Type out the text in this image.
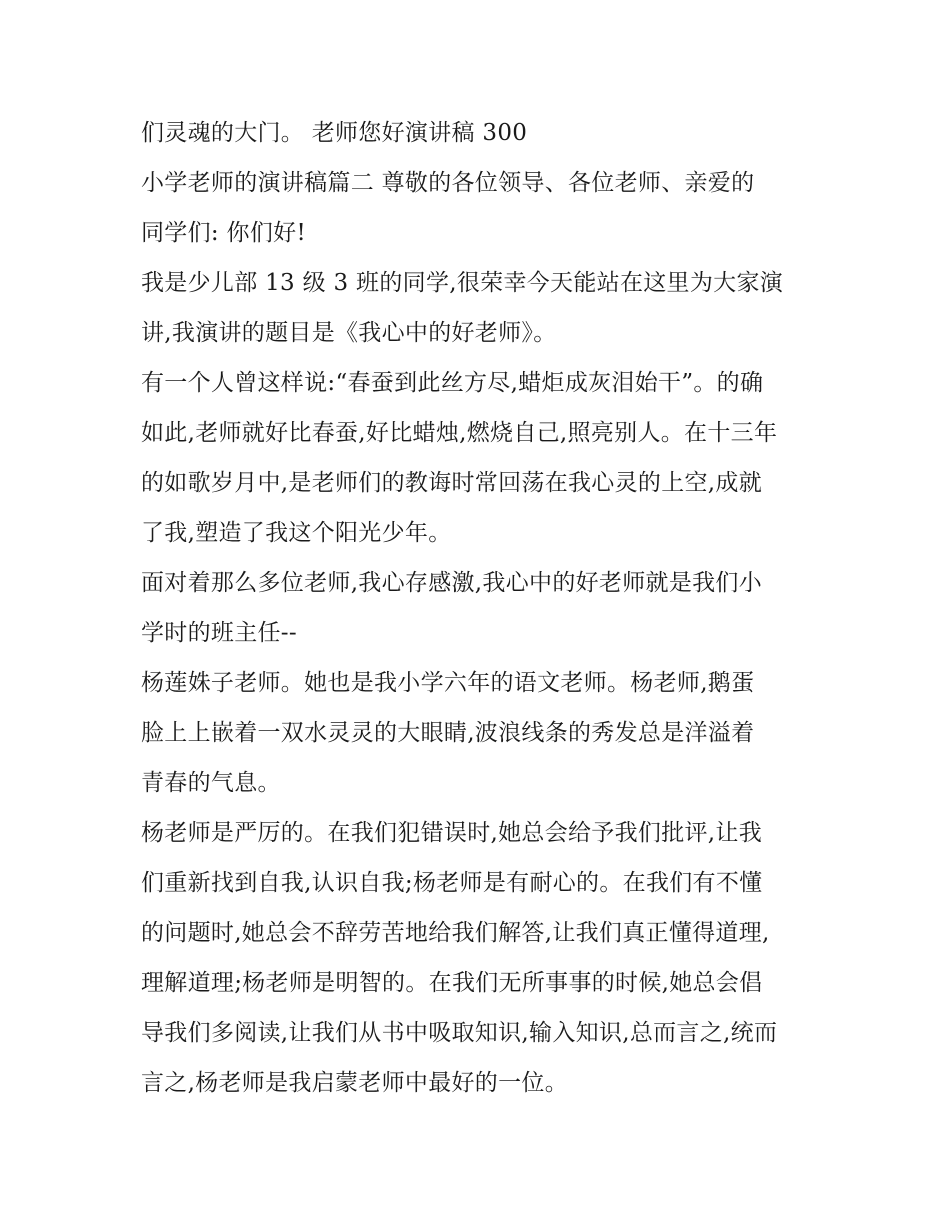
们灵魂的大门。 老师您好演讲稿 300
小学老师的演讲稿篇二 尊敬的各位领导、各位老师、亲爱的
同学们: 你们好!
我是少儿部 13 级 3 班的同学,很荣幸今天能站在这里为大家演
讲,我演讲的题目是《我心中的好老师》。
有一个人曾这样说:“春蚕到此丝方尽,蜡炬成灰泪始干”。的确
如此,老师就好比春蚕,好比蜡烛,燃烧自己,照亮别人。在十三年
的如歌岁月中,是老师们的教诲时常回荡在我心灵的上空,成就
了我,塑造了我这个阳光少年。
面对着那么多位老师,我心存感激,我心中的好老师就是我们小
学时的班主任--
杨莲姝子老师。她也是我小学六年的语文老师。杨老师,鹅蛋
脸上上嵌着一双水灵灵的大眼睛,波浪线条的秀发总是洋溢着
青春的气息。
杨老师是严厉的。在我们犯错误时,她总会给予我们批评,让我
们重新找到自我,认识自我;杨老师是有耐心的。在我们有不懂
的问题时,她总会不辞劳苦地给我们解答,让我们真正懂得道理,
理解道理;杨老师是明智的。在我们无所事事的时候,她总会倡
导我们多阅读,让我们从书中吸取知识,输入知识,总而言之,统而
言之,杨老师是我启蒙老师中最好的一位。
